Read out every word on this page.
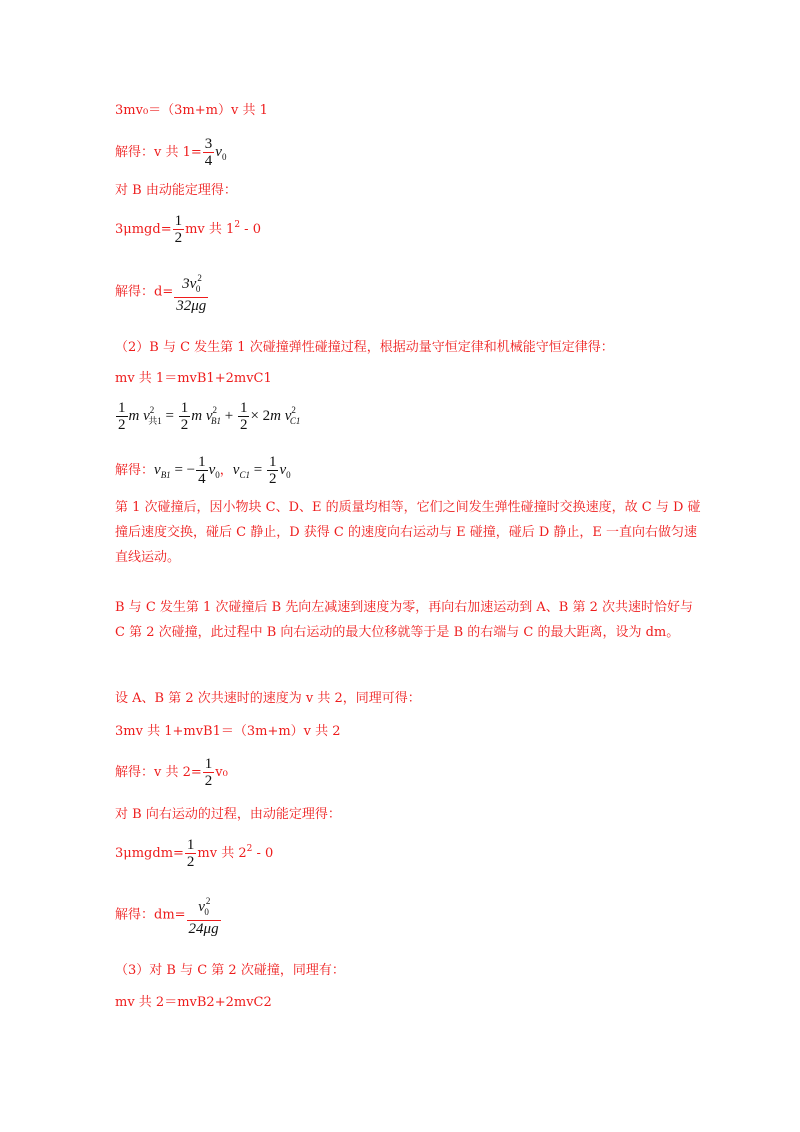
3mv₀＝（3m+m）v 共 1
解得：v 共 $1= \frac{3}{4} v_0$
对 B 由动能定理得：
$3\mu mgd= \frac{1}{2}$ mv 共 $1^2 - 0$
解得：$d= \frac{3v^2_0}{32\mu g}$
（2）B 与 C 发生第 1 次碰撞弹性碰撞过程，根据动量守恒定律和机械能守恒定律得：
mv 共 1＝mvB1+2mvC1
$\frac{1}{2}$ m $v^2_{共1} = \frac{1}{2}$ m $v^2_{B1} + \frac{1}{2} \times 2m$ $v^2_{C1}$
解得：$v_{B1}$ = − $\frac{1}{4} v_0$，$v_{C1} = \frac{1}{2} v_0$
第 1 次碰撞后，因小物块 C、D、E 的质量均相等，它们之间发生弹性碰撞时交换速度，故 C 与 D 碰撞后速度交换，碰后 C 静止，D 获得 C 的速度向右运动与 E 碰撞，碰后 D 静止，E 一直向右做匀速直线运动。
B 与 C 发生第 1 次碰撞后 B 先向左减速到速度为零，再向右加速运动到 A、B 第 2 次共速时恰好与 C 第 2 次碰撞，此过程中 B 向右运动的最大位移就等于是 B 的右端与 C 的最大距离，设为 dm。
设 A、B 第 2 次共速时的速度为 v 共 2，同理可得：
3mv 共 1+mvB1＝（3m+m）v 共 2
解得：v 共 $2= \frac{1}{2} v_0$
对 B 向右运动的过程，由动能定理得：
3μmgdm= $\frac{1}{2}$ mv 共 $2^2 - 0$
解得：$dm= \frac{v^2_0}{24\mu g}$
（3）对 B 与 C 第 2 次碰撞，同理有：
mv 共 2＝mvB2+2mvC2
